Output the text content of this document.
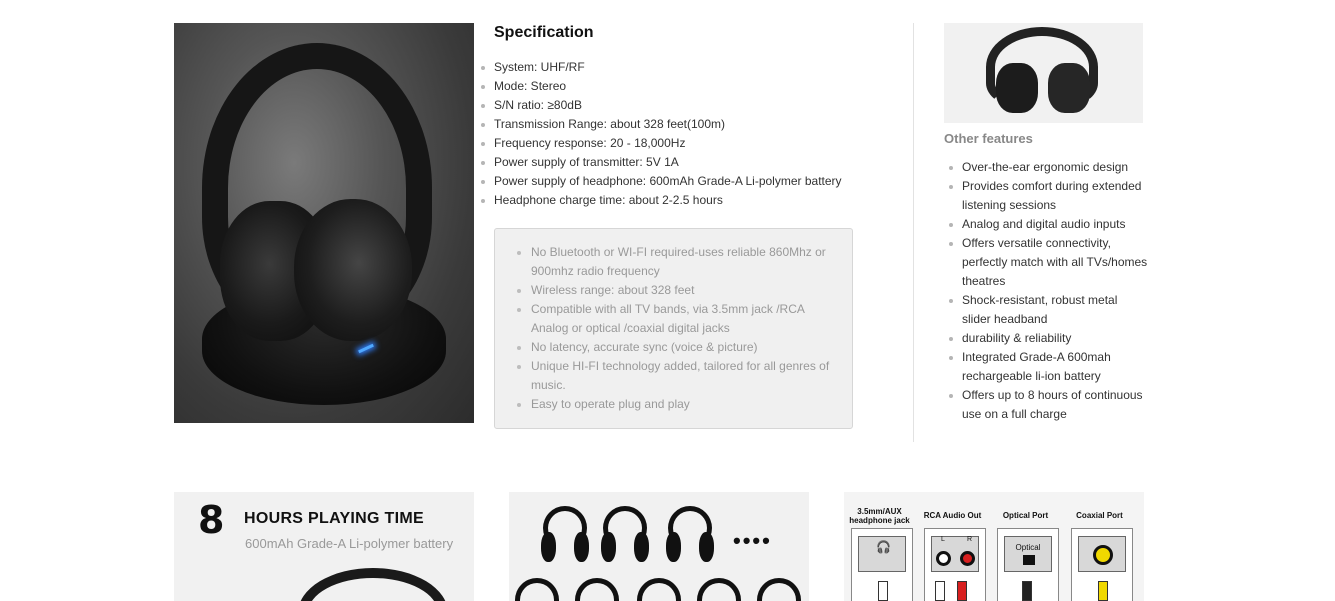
Specification
System: UHF/RF
Mode: Stereo
S/N ratio: ≥80dB
Transmission Range: about 328 feet(100m)
Frequency response: 20 - 18,000Hz
Power supply of transmitter: 5V 1A
Power supply of headphone: 600mAh Grade-A Li-polymer battery
Headphone charge time: about 2-2.5 hours
No Bluetooth or WI-FI required-uses reliable 860Mhz or 900mhz radio frequency
Wireless range: about 328 feet
Compatible with all TV bands, via 3.5mm jack /RCA Analog or optical /coaxial digital jacks
No latency, accurate sync (voice & picture)
Unique HI-FI technology added, tailored for all genres of music.
Easy to operate plug and play
Other features
Over-the-ear ergonomic design
Provides comfort during extended listening sessions
Analog and digital audio inputs
Offers versatile connectivity, perfectly match with all TVs/homes theatres
Shock-resistant, robust metal slider headband
durability & reliability
Integrated Grade-A 600mah rechargeable li-ion battery
Offers up to 8 hours of continuous use on a full charge
8 HOURS PLAYING TIME
600mAh Grade-A Li-polymer battery	••••
3.5mm/AUX headphone jack
🎧
RCA Audio Out
L	R
Optical Port
Optical
Coaxial Port
